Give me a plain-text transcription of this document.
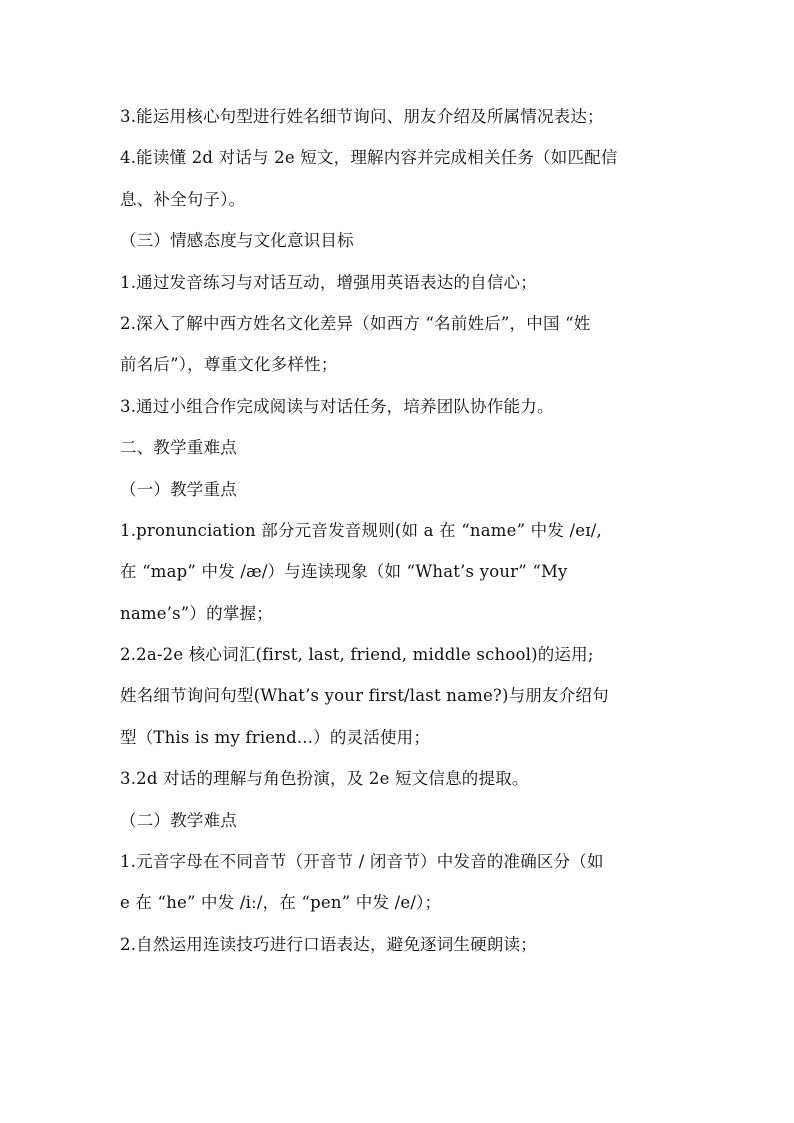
3.能运用核心句型进行姓名细节询问、朋友介绍及所属情况表达；
4.能读懂 2d 对话与 2e 短文，理解内容并完成相关任务（如匹配信
息、补全句子）。
（三）情感态度与文化意识目标
1.通过发音练习与对话互动，增强用英语表达的自信心；
2.深入了解中西方姓名文化差异（如西方 “名前姓后”，中国 “姓
前名后”），尊重文化多样性；
3.通过小组合作完成阅读与对话任务，培养团队协作能力。
二、教学重难点
（一）教学重点
1.pronunciation 部分元音发音规则(如 a 在 “name” 中发 /eɪ/,
在 “map” 中发 /æ/）与连读现象（如 “What’s your” “My
name’s”）的掌握；
2.2a-2e 核心词汇(first, last, friend, middle school)的运用;
姓名细节询问句型(What’s your first/last name?)与朋友介绍句
型（This is my friend...）的灵活使用；
3.2d 对话的理解与角色扮演，及 2e 短文信息的提取。
（二）教学难点
1.元音字母在不同音节（开音节 / 闭音节）中发音的准确区分（如
e 在 “he” 中发 /iː/，在 “pen” 中发 /e/）；
2.自然运用连读技巧进行口语表达，避免逐词生硬朗读；
